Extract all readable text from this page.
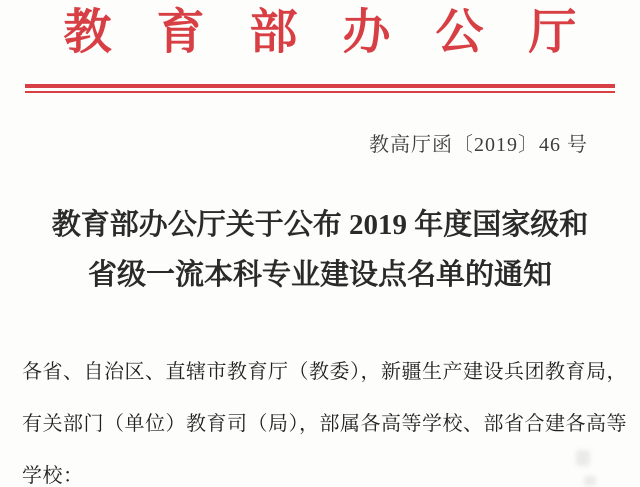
教育部办公厅
教高厅函〔2019〕46 号
教育部办公厅关于公布 2019 年度国家级和
省级一流本科专业建设点名单的通知
各省、自治区、直辖市教育厅（教委），新疆生产建设兵团教育局，
有关部门（单位）教育司（局），部属各高等学校、部省合建各高等
学校：
